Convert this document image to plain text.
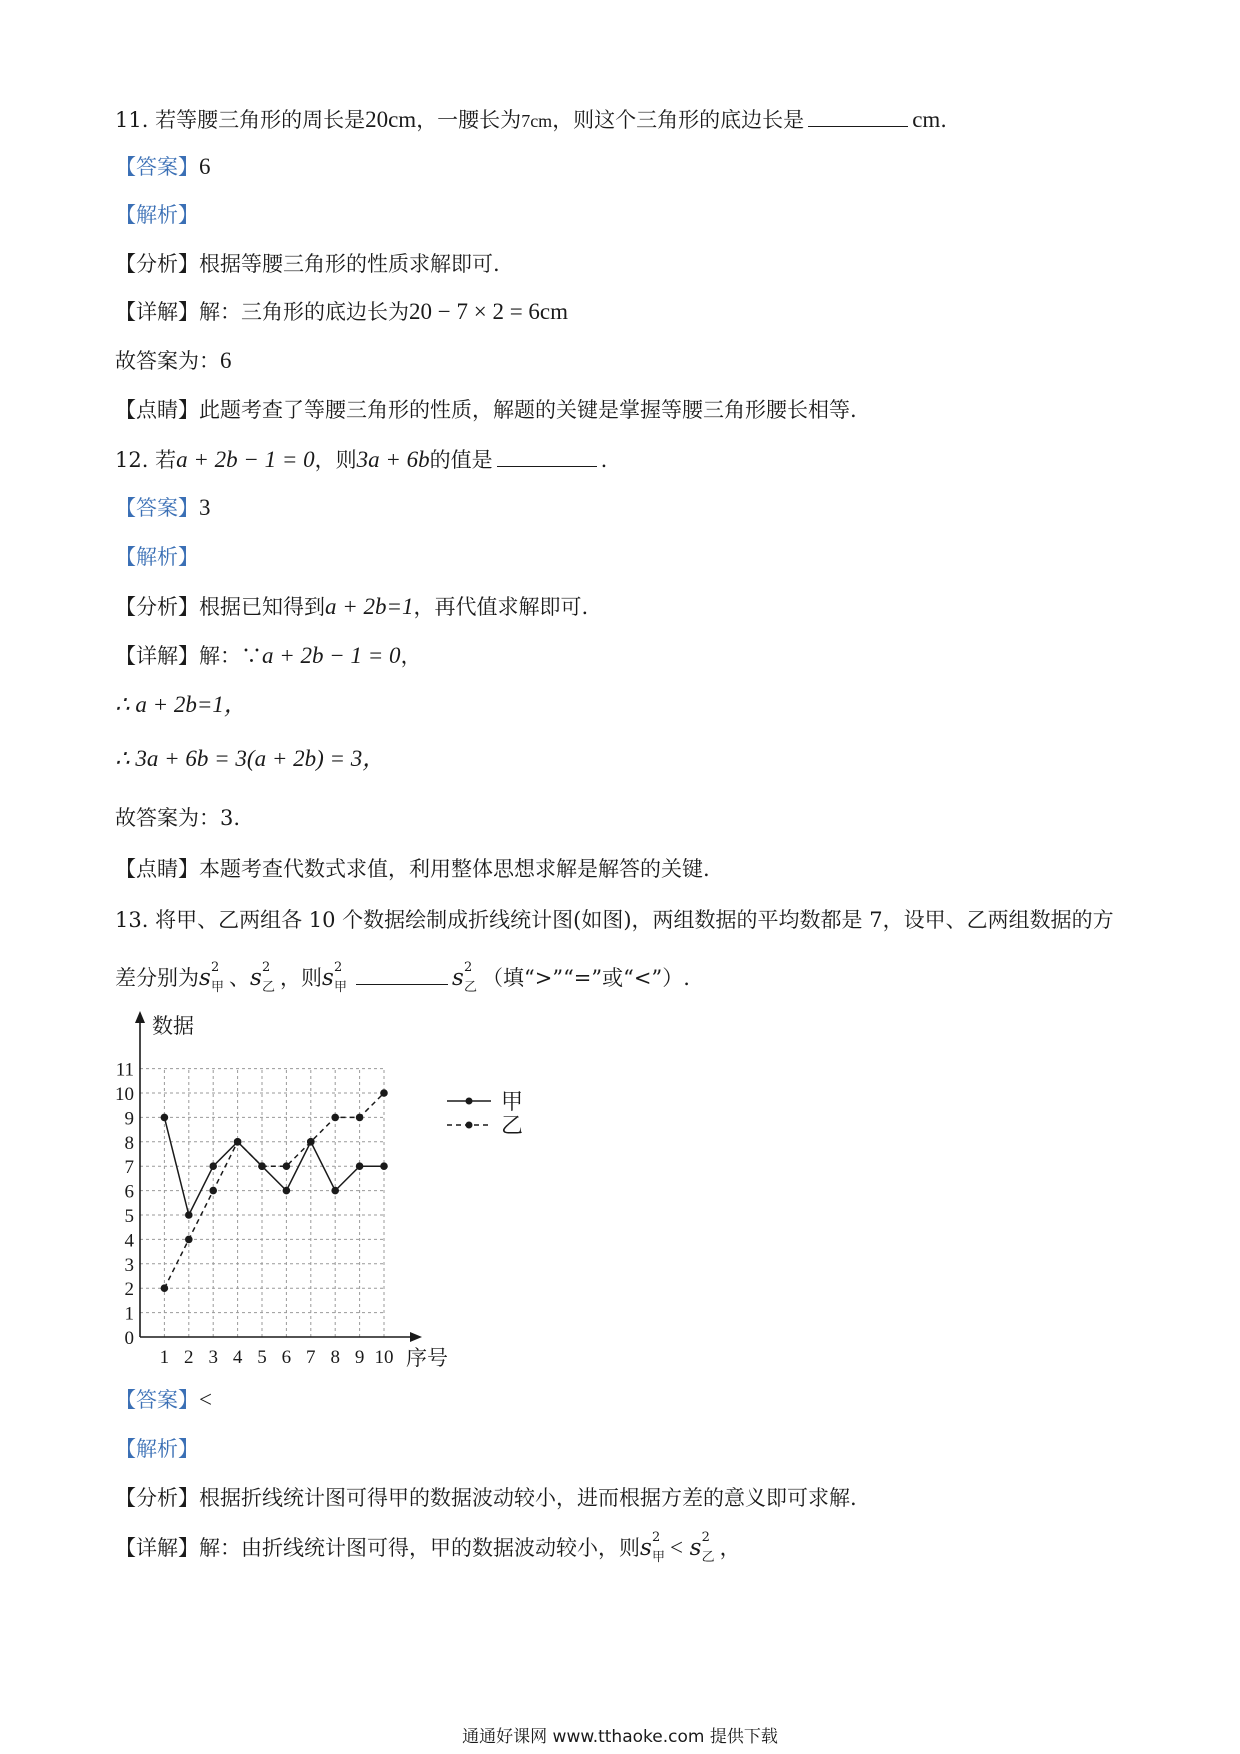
11. 若等腰三角形的周长是20cm，一腰长为7cm，则这个三角形的底边长是	cm.
【答案】6
【解析】
【分析】根据等腰三角形的性质求解即可.
【详解】解：三角形的底边长为20 − 7 × 2 = 6cm
故答案为：6
【点睛】此题考查了等腰三角形的性质，解题的关键是掌握等腰三角形腰长相等.
12. 若a + 2b − 1 = 0，则3a + 6b的值是	.
【答案】3
【解析】
【分析】根据已知得到a + 2b=1，再代值求解即可.
【详解】解：∵a + 2b − 1 = 0，
∴ a + 2b=1，
∴ 3a + 6b = 3(a + 2b) = 3，
故答案为：3.
【点睛】本题考查代数式求值，利用整体思想求解是解答的关键.
13. 将甲、乙两组各 10 个数据绘制成折线统计图(如图)，两组数据的平均数都是 7，设甲、乙两组数据的方
差分别为s 2
甲 、s 2
乙 ，则s 2
甲	s 2
乙 （填“>”“=”或“<”）.
0
1
2
3
4
5
6
7
8
9
10
11
1 2 3 4 5 6 7 8 9 10
数据
序号
甲
乙
【答案】<
【解析】
【分析】根据折线统计图可得甲的数据波动较小，进而根据方差的意义即可求解.
【详解】解：由折线统计图可得，甲的数据波动较小，则s 2
甲 < s 2
乙 ，
通通好课网 www.tthaoke.com 提供下载
